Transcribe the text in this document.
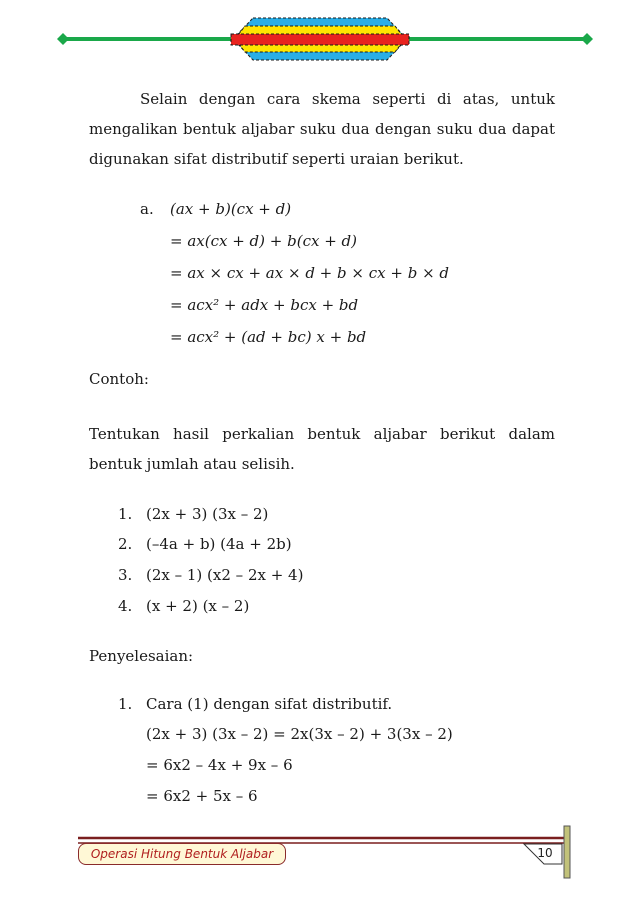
Selain dengan cara skema seperti di atas, untuk
mengalikan bentuk aljabar suku dua dengan suku dua dapat
digunakan sifat distributif seperti uraian berikut.
a. (ax + b)(cx + d)
= ax(cx + d) + b(cx + d)
= ax × cx + ax × d + b × cx + b × d
= acx² + adx + bcx + bd
= acx² + (ad + bc) x + bd
Contoh:
Tentukan hasil perkalian bentuk aljabar berikut dalam
bentuk jumlah atau selisih.
1. (2x + 3) (3x – 2)
2. (–4a + b) (4a + 2b)
3. (2x – 1) (x2 – 2x + 4)
4. (x + 2) (x – 2)
Penyelesaian:
1. Cara (1) dengan sifat distributif.
(2x + 3) (3x – 2) = 2x(3x – 2) + 3(3x – 2)
= 6x2 – 4x + 9x – 6
= 6x2 + 5x – 6
Operasi Hitung Bentuk Aljabar	10
